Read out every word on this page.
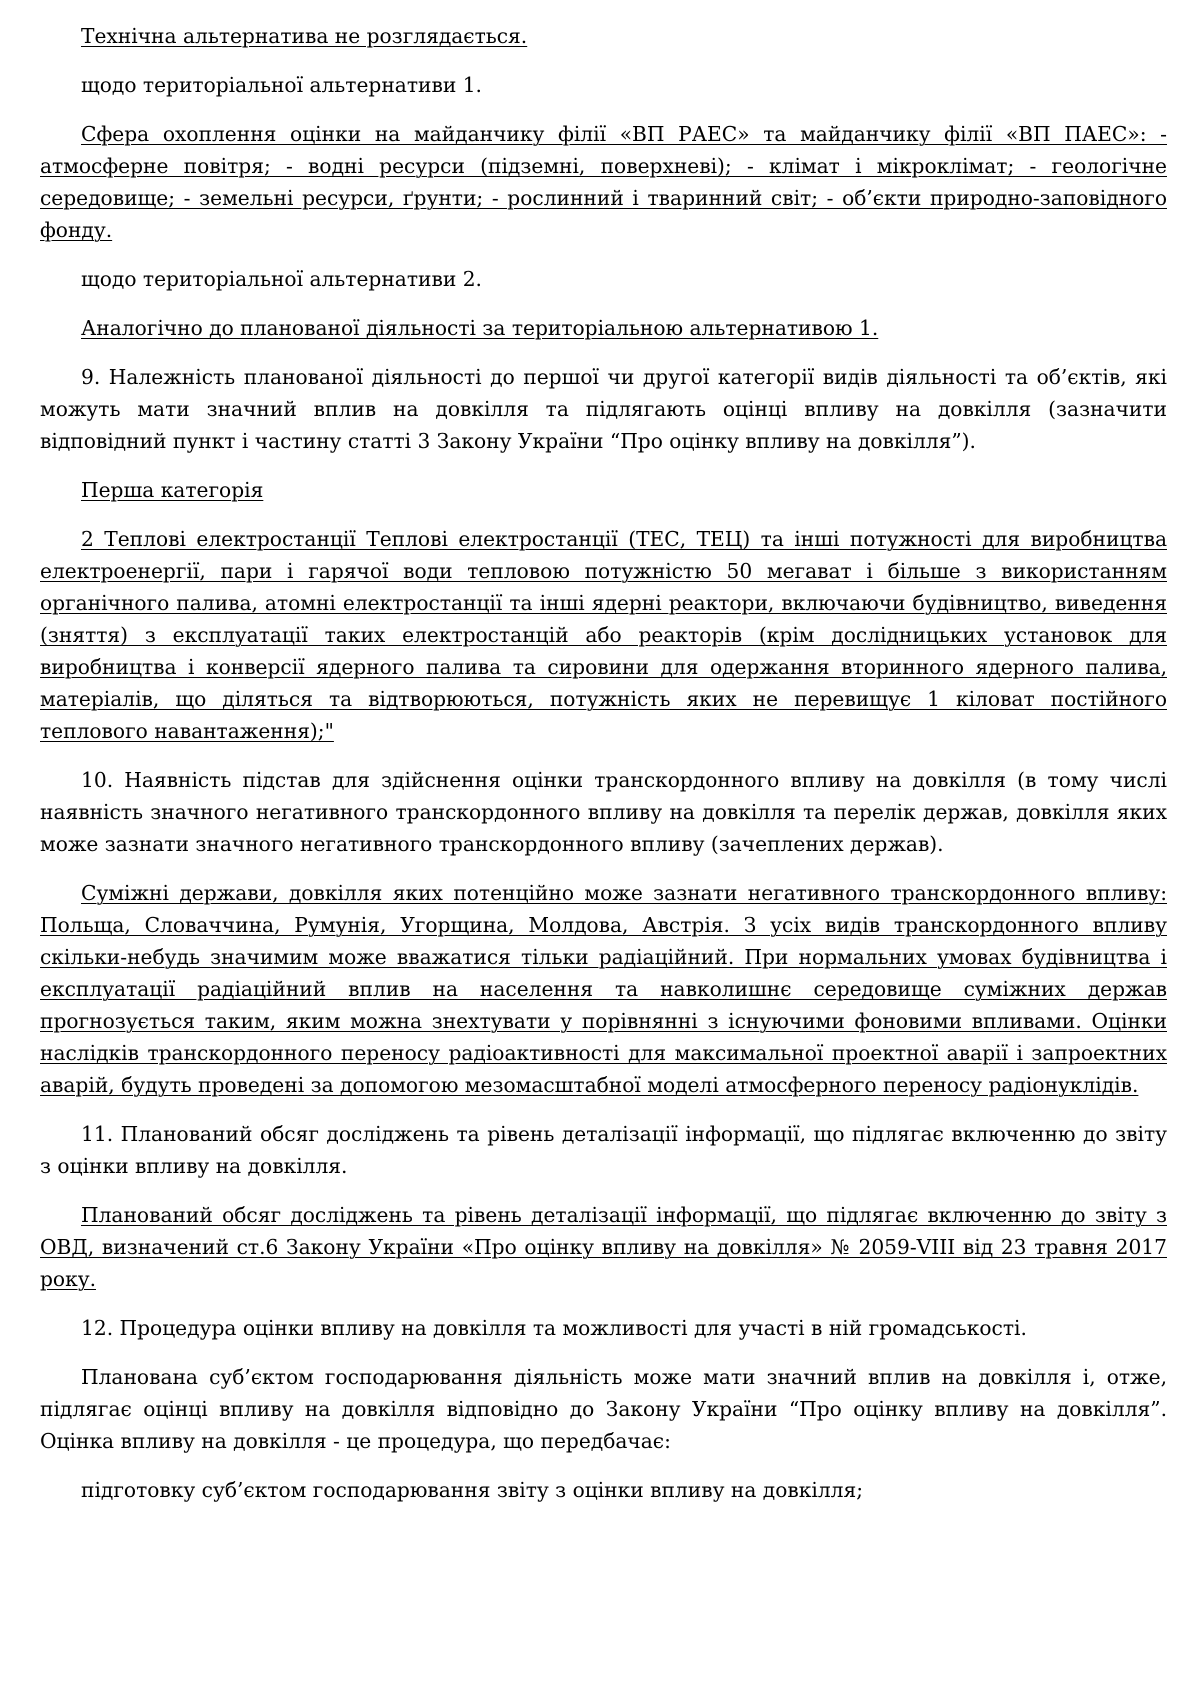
Технічна альтернатива не розглядається.

щодо територіальної альтернативи 1.

Сфера охоплення оцінки на майданчику філії «ВП РАЕС» та майданчику філії «ВП ПАЕС»: - атмосферне повітря; - водні ресурси (підземні, поверхневі); - клімат і мікроклімат; - геологічне середовище; - земельні ресурси, ґрунти; - рослинний і тваринний світ; - об’єкти природно-заповідного фонду.

щодо територіальної альтернативи 2.

Аналогічно до планованої діяльності за територіальною альтернативою 1.

9. Належність планованої діяльності до першої чи другої категорії видів діяльності та об’єктів, які можуть мати значний вплив на довкілля та підлягають оцінці впливу на довкілля (зазначити відповідний пункт і частину статті 3 Закону України “Про оцінку впливу на довкілля”).

Перша категорія

2 Теплові електростанції Теплові електростанції (ТЕС, ТЕЦ) та інші потужності для виробництва електроенергії, пари і гарячої води тепловою потужністю 50 мегават і більше з використанням органічного палива, атомні електростанції та інші ядерні реактори, включаючи будівництво, виведення (зняття) з експлуатації таких електростанцій або реакторів (крім дослідницьких установок для виробництва і конверсії ядерного палива та сировини для одержання вторинного ядерного палива, матеріалів, що діляться та відтворюються, потужність яких не перевищує 1 кіловат постійного теплового навантаження);"

10. Наявність підстав для здійснення оцінки транскордонного впливу на довкілля (в тому числі наявність значного негативного транскордонного впливу на довкілля та перелік держав, довкілля яких може зазнати значного негативного транскордонного впливу (зачеплених держав).

Суміжні держави, довкілля яких потенційно може зазнати негативного транскордонного впливу: Польща, Словаччина, Румунія, Угорщина, Молдова, Австрія. З усіх видів транскордонного впливу скільки-небудь значимим може вважатися тільки радіаційний. При нормальних умовах будівництва і експлуатації радіаційний вплив на населення та навколишнє середовище суміжних держав прогнозується таким, яким можна знехтувати у порівнянні з існуючими фоновими впливами. Оцінки наслідків транскордонного переносу радіоактивності для максимальної проектної аварії і запроектних аварій, будуть проведені за допомогою мезомасштабної моделі атмосферного переносу радіонуклідів.

11. Планований обсяг досліджень та рівень деталізації інформації, що підлягає включенню до звіту з оцінки впливу на довкілля.

Планований обсяг досліджень та рівень деталізації інформації, що підлягає включенню до звіту з ОВД, визначений ст.6 Закону України «Про оцінку впливу на довкілля» № 2059-VIII від 23 травня 2017 року.

12. Процедура оцінки впливу на довкілля та можливості для участі в ній громадськості.

Планована суб’єктом господарювання діяльність може мати значний вплив на довкілля і, отже, підлягає оцінці впливу на довкілля відповідно до Закону України “Про оцінку впливу на довкілля”. Оцінка впливу на довкілля - це процедура, що передбачає:

підготовку суб’єктом господарювання звіту з оцінки впливу на довкілля;
